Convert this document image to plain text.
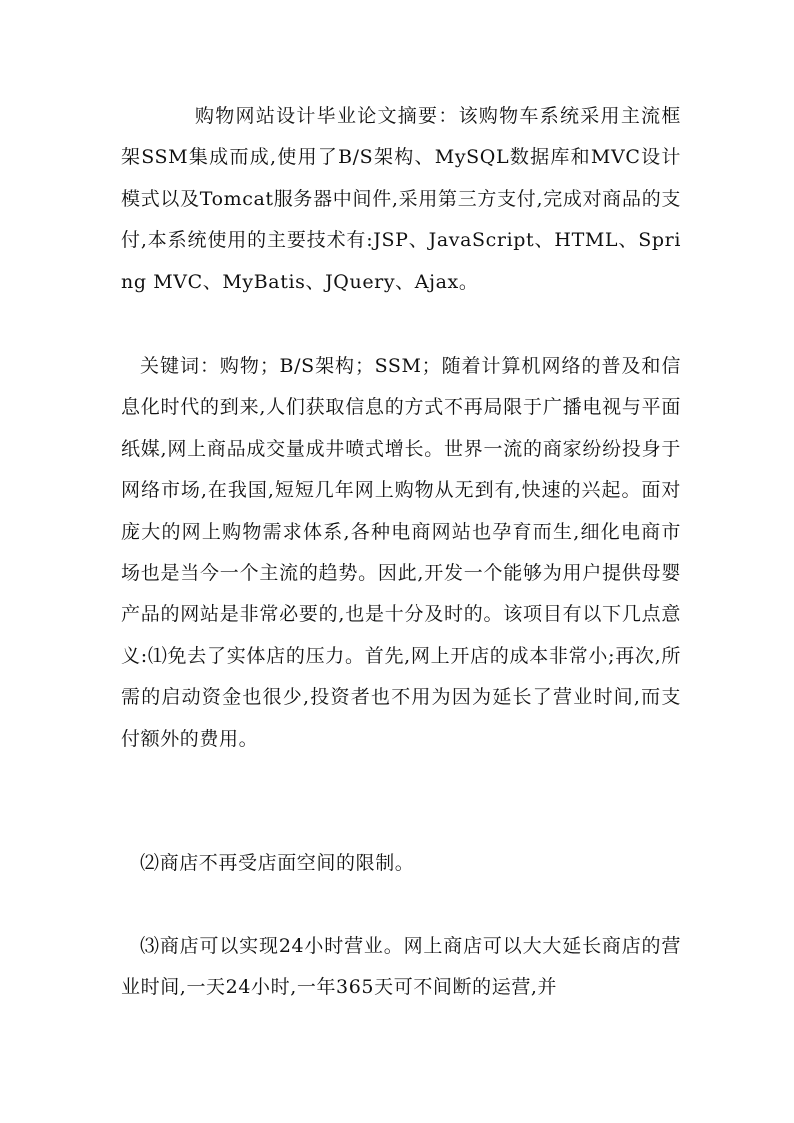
购物网站设计毕业论文摘要：该购物车系统采用主流框架SSM集成而成,使用了B/S架构、MySQL数据库和MVC设计模式以及Tomcat服务器中间件,采用第三方支付,完成对商品的支付,本系统使用的主要技术有:JSP、JavaScript、HTML、Spring MVC、MyBatis、JQuery、Ajax。

关键词：购物；B/S架构；SSM；随着计算机网络的普及和信息化时代的到来,人们获取信息的方式不再局限于广播电视与平面纸媒,网上商品成交量成井喷式增长。世界一流的商家纷纷投身于网络市场,在我国,短短几年网上购物从无到有,快速的兴起。面对庞大的网上购物需求体系,各种电商网站也孕育而生,细化电商市场也是当今一个主流的趋势。因此,开发一个能够为用户提供母婴产品的网站是非常必要的,也是十分及时的。该项目有以下几点意义:⑴免去了实体店的压力。首先,网上开店的成本非常小;再次,所需的启动资金也很少,投资者也不用为因为延长了营业时间,而支付额外的费用。

⑵商店不再受店面空间的限制。

⑶商店可以实现24小时营业。网上商店可以大大延长商店的营业时间,一天24小时,一年365天可不间断的运营,并
